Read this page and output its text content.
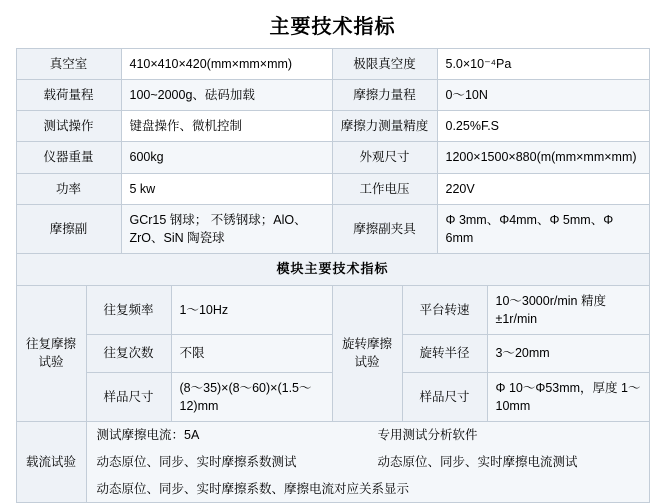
主要技术指标
真空室	410×410×420(mm×mm×mm)	极限真空度	5.0×10⁻⁴Pa
载荷量程	100~2000g、砝码加载	摩擦力量程	0～10N
测试操作	键盘操作、微机控制	摩擦力测量精度	0.25%F.S
仪器重量	600kg	外观尺寸	1200×1500×880(m(mm×mm×mm)
功率	5 kw	工作电压	220V
摩擦副	GCr15 钢球； 不锈钢球；AlO、ZrO、SiN 陶瓷球	摩擦副夹具	Φ 3mm、Φ4mm、Φ 5mm、Φ 6mm
模块主要技术指标			
往复摩擦试验	往复频率	1～10Hz	旋转摩擦试验	平台转速	10～3000r/min 精度±1r/min
	往复次数	不限		旋转半径	3～20mm
	样品尺寸	(8～35)×(8～60)×(1.5～12)mm		样品尺寸	Φ 10～Φ53mm，厚度 1～10mm
载流试验	
测试摩擦电流：5A	专用测试分析软件
动态原位、同步、实时摩擦系数测试	动态原位、同步、实时摩擦电流测试
动态原位、同步、实时摩擦系数、摩擦电流对应关系显示
